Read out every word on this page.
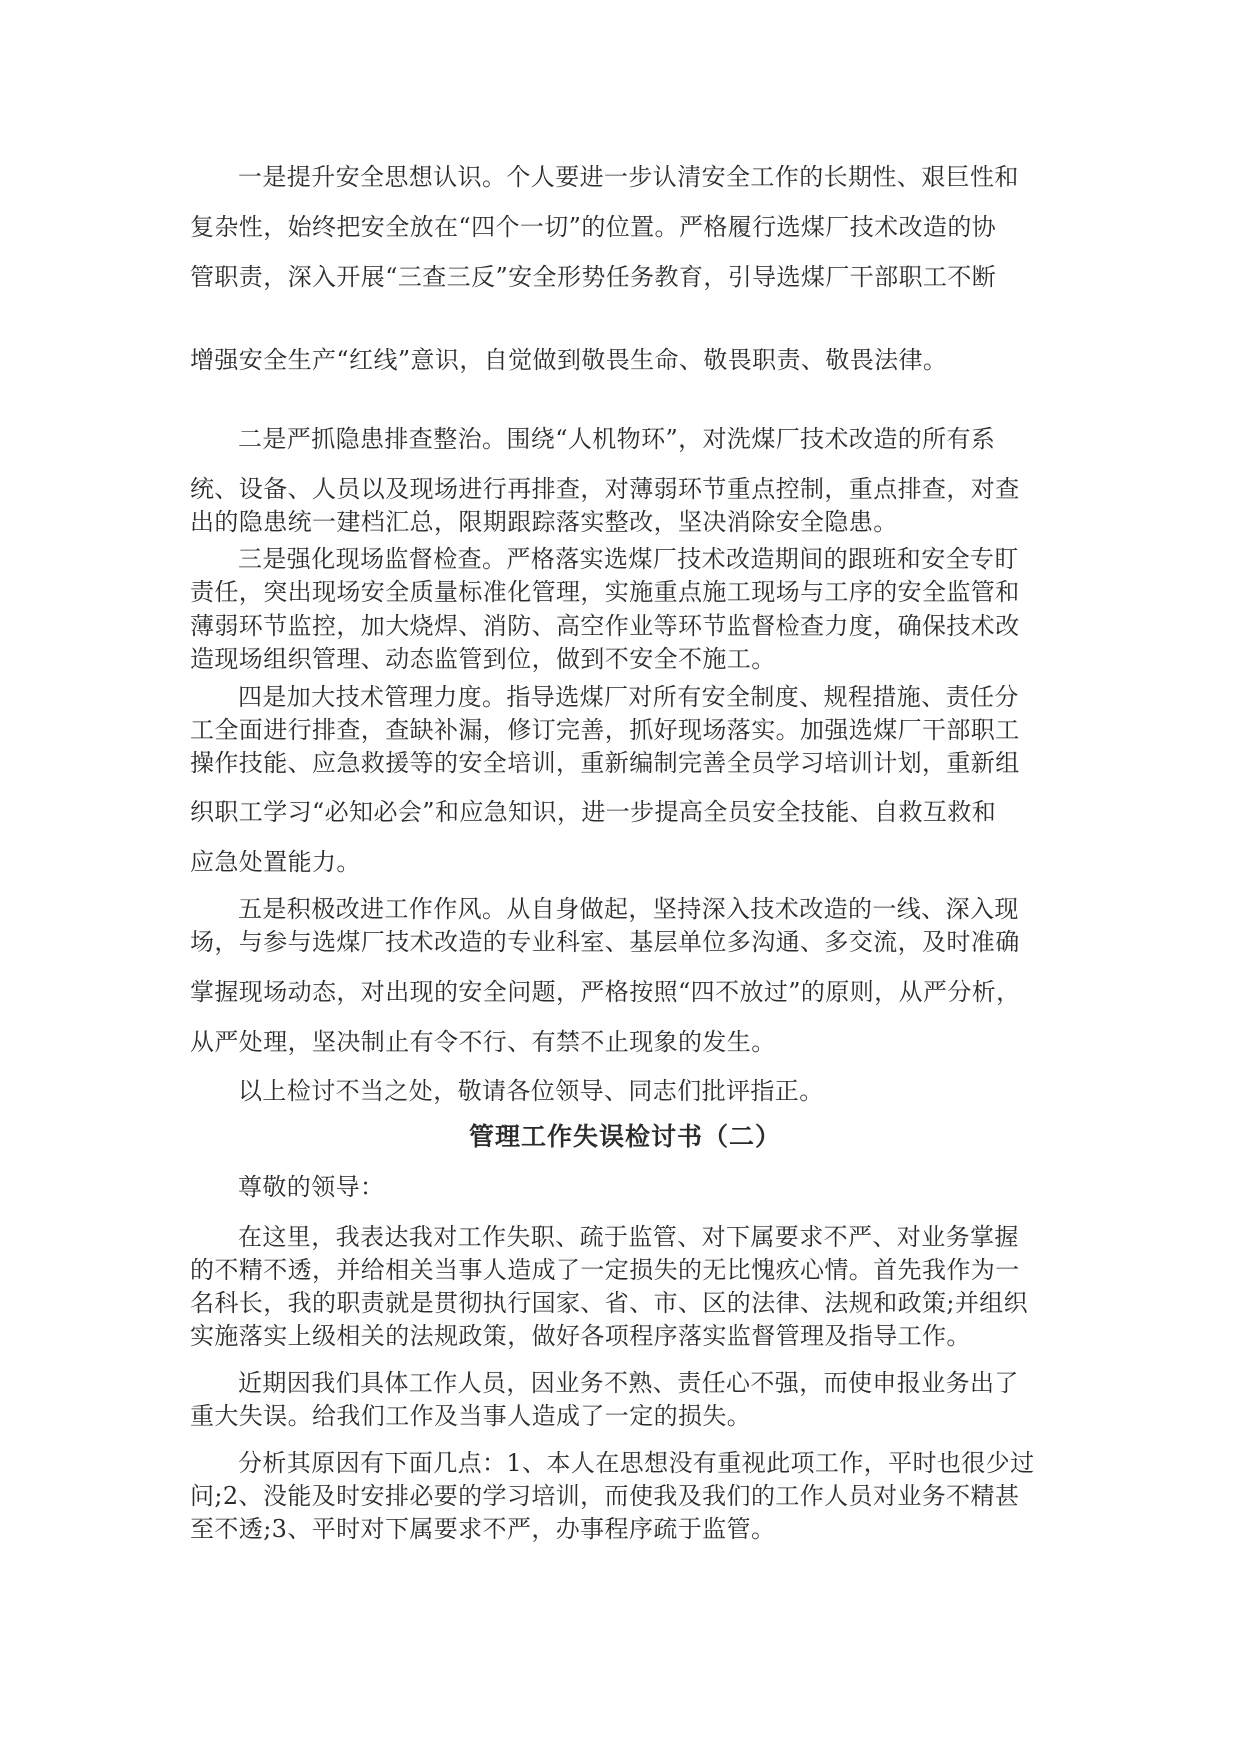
一是提升安全思想认识。个人要进一步认清安全工作的长期性、艰巨性和
复杂性，始终把安全放在“四个一切”的位置。严格履行选煤厂技术改造的协
管职责，深入开展“三查三反”安全形势任务教育，引导选煤厂干部职工不断
增强安全生产“红线”意识，自觉做到敬畏生命、敬畏职责、敬畏法律。
二是严抓隐患排查整治。围绕“人机物环”，对洗煤厂技术改造的所有系
统、设备、人员以及现场进行再排查，对薄弱环节重点控制，重点排查，对查
出的隐患统一建档汇总，限期跟踪落实整改，坚决消除安全隐患。
三是强化现场监督检查。严格落实选煤厂技术改造期间的跟班和安全专盯
责任，突出现场安全质量标准化管理，实施重点施工现场与工序的安全监管和
薄弱环节监控，加大烧焊、消防、高空作业等环节监督检查力度，确保技术改
造现场组织管理、动态监管到位，做到不安全不施工。
四是加大技术管理力度。指导选煤厂对所有安全制度、规程措施、责任分
工全面进行排查，查缺补漏，修订完善，抓好现场落实。加强选煤厂干部职工
操作技能、应急救援等的安全培训，重新编制完善全员学习培训计划，重新组
织职工学习“必知必会”和应急知识，进一步提高全员安全技能、自救互救和
应急处置能力。
五是积极改进工作作风。从自身做起，坚持深入技术改造的一线、深入现
场，与参与选煤厂技术改造的专业科室、基层单位多沟通、多交流，及时准确
掌握现场动态，对出现的安全问题，严格按照“四不放过”的原则，从严分析，
从严处理，坚决制止有令不行、有禁不止现象的发生。
以上检讨不当之处，敬请各位领导、同志们批评指正。
管理工作失误检讨书（二）
尊敬的领导：
在这里，我表达我对工作失职、疏于监管、对下属要求不严、对业务掌握
的不精不透，并给相关当事人造成了一定损失的无比愧疚心情。首先我作为一
名科长，我的职责就是贯彻执行国家、省、市、区的法律、法规和政策;并组织
实施落实上级相关的法规政策，做好各项程序落实监督管理及指导工作。
近期因我们具体工作人员，因业务不熟、责任心不强，而使申报业务出了
重大失误。给我们工作及当事人造成了一定的损失。
分析其原因有下面几点：1、本人在思想没有重视此项工作，平时也很少过
问;2、没能及时安排必要的学习培训，而使我及我们的工作人员对业务不精甚
至不透;3、平时对下属要求不严，办事程序疏于监管。
